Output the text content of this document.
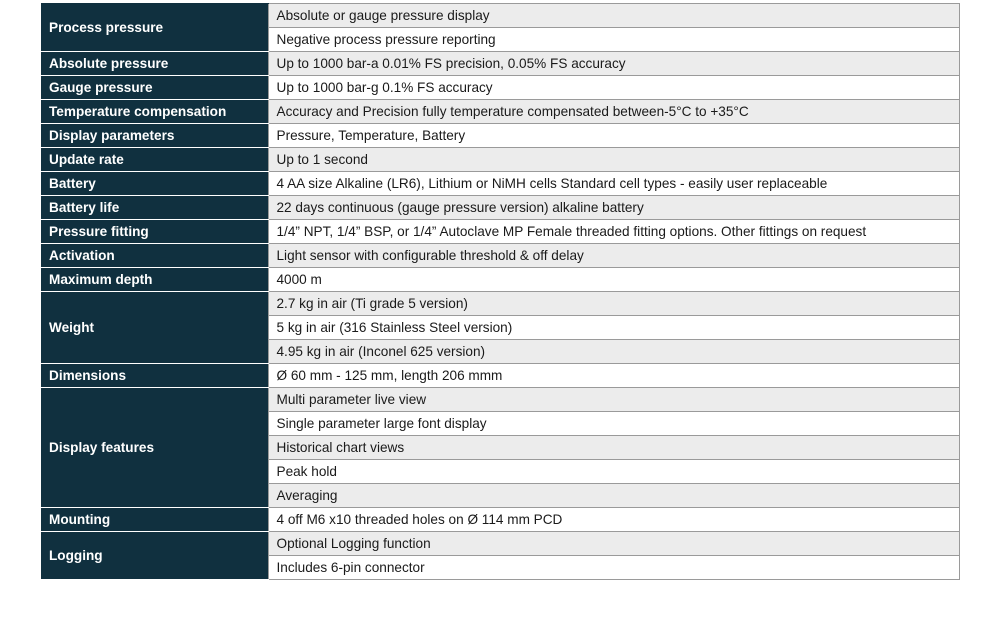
Process pressure	Absolute or gauge pressure display
	Negative process pressure reporting
Absolute pressure	Up to 1000 bar-a 0.01% FS precision, 0.05% FS accuracy
Gauge pressure	Up to 1000 bar-g 0.1% FS accuracy
Temperature compensation	Accuracy and Precision fully temperature compensated between-5°C to +35°C
Display parameters	Pressure, Temperature, Battery
Update rate	Up to 1 second
Battery	4 AA size Alkaline (LR6), Lithium or NiMH cells Standard cell types - easily user replaceable
Battery life	22 days continuous (gauge pressure version) alkaline battery
Pressure fitting	1/4” NPT, 1/4” BSP, or 1/4” Autoclave MP Female threaded fitting options. Other fittings on request
Activation	Light sensor with configurable threshold & off delay
Maximum depth	4000 m
Weight	2.7 kg in air (Ti grade 5 version)
	5 kg in air (316 Stainless Steel version)
	4.95 kg in air (Inconel 625 version)
Dimensions	Ø 60 mm - 125 mm, length 206 mmm
Display features	Multi parameter live view
	Single parameter large font display
	Historical chart views
	Peak hold
	Averaging
Mounting	4 off M6 x10 threaded holes on Ø 114 mm PCD
Logging	Optional Logging function
	Includes 6-pin connector
